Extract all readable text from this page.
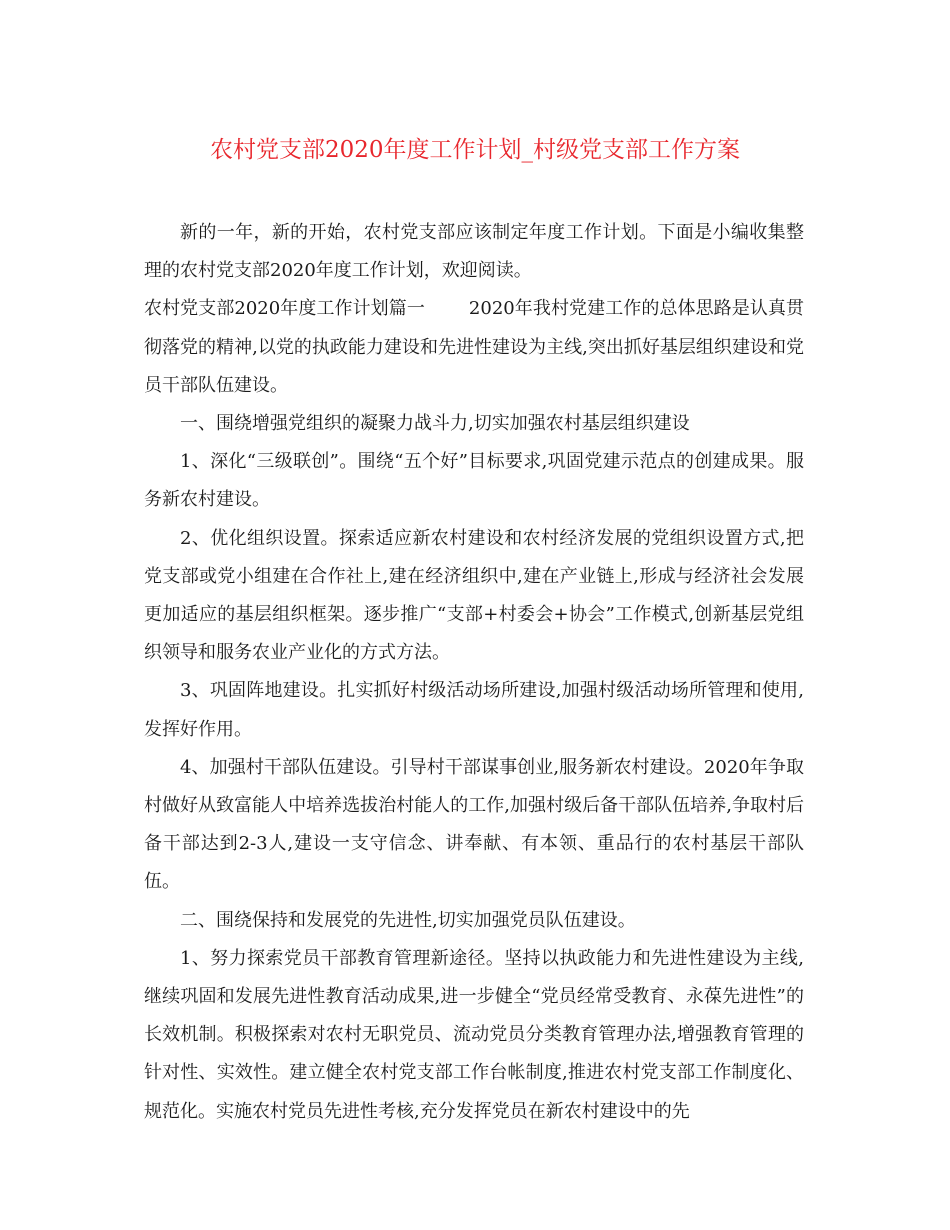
农村党支部2020年度工作计划_村级党支部工作方案

新的一年，新的开始，农村党支部应该制定年度工作计划。下面是小编收集整理的农村党支部2020年度工作计划，欢迎阅读。

农村党支部2020年度工作计划篇一 2020年我村党建工作的总体思路是认真贯彻落党的精神,以党的执政能力建设和先进性建设为主线,突出抓好基层组织建设和党员干部队伍建设。

一、围绕增强党组织的凝聚力战斗力,切实加强农村基层组织建设

1、深化“三级联创”。围绕“五个好”目标要求,巩固党建示范点的创建成果。服务新农村建设。

2、优化组织设置。探索适应新农村建设和农村经济发展的党组织设置方式,把党支部或党小组建在合作社上,建在经济组织中,建在产业链上,形成与经济社会发展更加适应的基层组织框架。逐步推广“支部+村委会+协会”工作模式,创新基层党组织领导和服务农业产业化的方式方法。

3、巩固阵地建设。扎实抓好村级活动场所建设,加强村级活动场所管理和使用,发挥好作用。

4、加强村干部队伍建设。引导村干部谋事创业,服务新农村建设。2020年争取村做好从致富能人中培养选拔治村能人的工作,加强村级后备干部队伍培养,争取村后备干部达到2-3人,建设一支守信念、讲奉献、有本领、重品行的农村基层干部队伍。

二、围绕保持和发展党的先进性,切实加强党员队伍建设。

1、努力探索党员干部教育管理新途径。坚持以执政能力和先进性建设为主线,继续巩固和发展先进性教育活动成果,进一步健全“党员经常受教育、永葆先进性”的长效机制。积极探索对农村无职党员、流动党员分类教育管理办法,增强教育管理的针对性、实效性。建立健全农村党支部工作台帐制度,推进农村党支部工作制度化、规范化。实施农村党员先进性考核,充分发挥党员在新农村建设中的先
